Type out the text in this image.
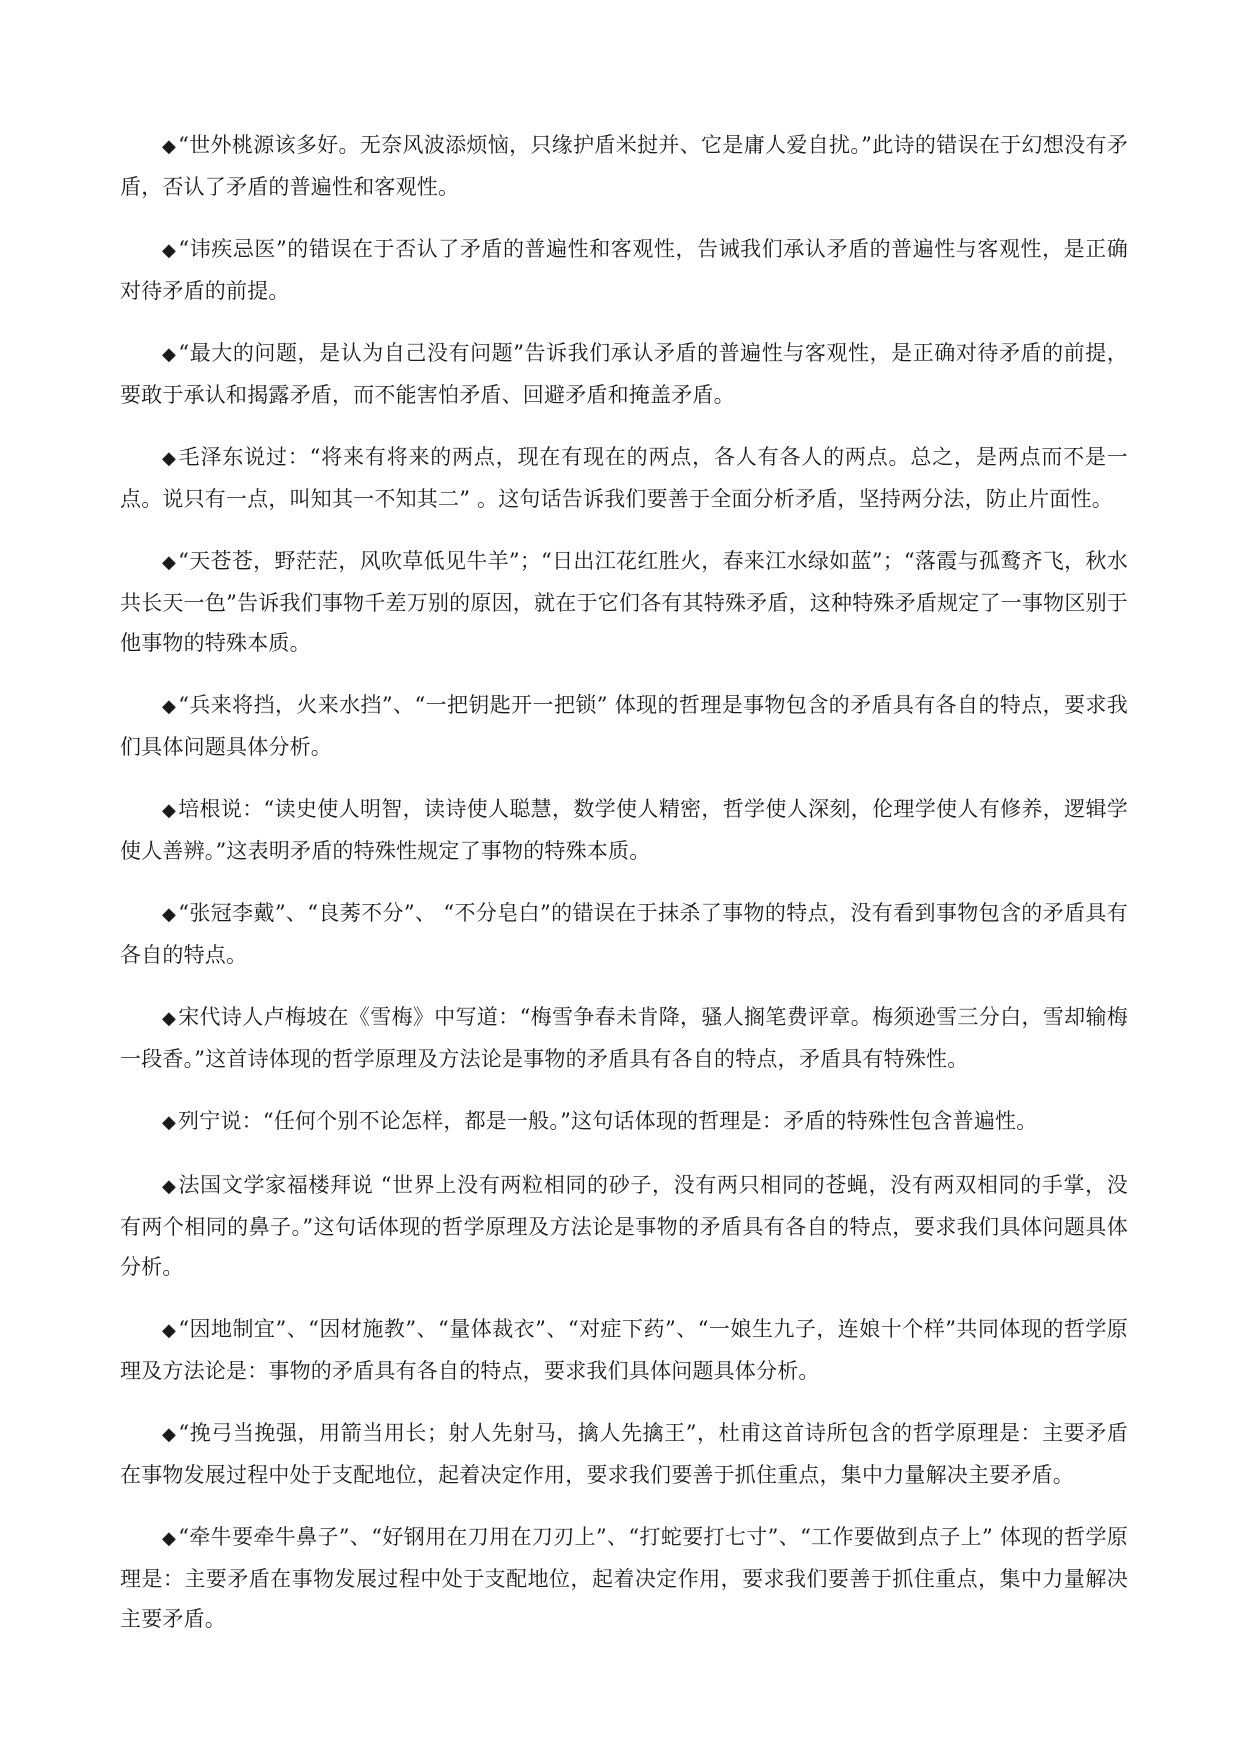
◆“世外桃源该多好。无奈风波添烦恼，只缘护盾米挝并、它是庸人爱自扰。”此诗的错误在于幻想没有矛盾，否认了矛盾的普遍性和客观性。

◆“讳疾忌医”的错误在于否认了矛盾的普遍性和客观性，告诫我们承认矛盾的普遍性与客观性，是正确对待矛盾的前提。

◆“最大的问题，是认为自己没有问题”告诉我们承认矛盾的普遍性与客观性，是正确对待矛盾的前提，要敢于承认和揭露矛盾，而不能害怕矛盾、回避矛盾和掩盖矛盾。

◆毛泽东说过：“将来有将来的两点，现在有现在的两点，各人有各人的两点。总之，是两点而不是一点。说只有一点，叫知其一不知其二” 。这句话告诉我们要善于全面分析矛盾，坚持两分法，防止片面性。

◆“天苍苍，野茫茫，风吹草低见牛羊”；“日出江花红胜火，春来江水绿如蓝”；“落霞与孤鹜齐飞，秋水共长天一色”告诉我们事物千差万别的原因，就在于它们各有其特殊矛盾，这种特殊矛盾规定了一事物区别于他事物的特殊本质。

◆“兵来将挡，火来水挡”、“一把钥匙开一把锁” 体现的哲理是事物包含的矛盾具有各自的特点，要求我们具体问题具体分析。

◆培根说：“读史使人明智，读诗使人聪慧，数学使人精密，哲学使人深刻，伦理学使人有修养，逻辑学使人善辨。”这表明矛盾的特殊性规定了事物的特殊本质。

◆“张冠李戴”、“良莠不分”、 “不分皂白”的错误在于抹杀了事物的特点，没有看到事物包含的矛盾具有各自的特点。

◆宋代诗人卢梅坡在《雪梅》中写道：“梅雪争春未肯降，骚人搁笔费评章。梅须逊雪三分白，雪却输梅一段香。”这首诗体现的哲学原理及方法论是事物的矛盾具有各自的特点，矛盾具有特殊性。

◆列宁说：“任何个别不论怎样，都是一般。”这句话体现的哲理是：矛盾的特殊性包含普遍性。

◆法国文学家福楼拜说 “世界上没有两粒相同的砂子，没有两只相同的苍蝇，没有两双相同的手掌，没有两个相同的鼻子。”这句话体现的哲学原理及方法论是事物的矛盾具有各自的特点，要求我们具体问题具体分析。

◆“因地制宜”、“因材施教”、“量体裁衣”、“对症下药”、“一娘生九子，连娘十个样”共同体现的哲学原理及方法论是：事物的矛盾具有各自的特点，要求我们具体问题具体分析。

◆“挽弓当挽强，用箭当用长；射人先射马，擒人先擒王”，杜甫这首诗所包含的哲学原理是：主要矛盾在事物发展过程中处于支配地位，起着决定作用，要求我们要善于抓住重点，集中力量解决主要矛盾。

◆“牵牛要牵牛鼻子”、“好钢用在刀用在刀刃上”、“打蛇要打七寸”、“工作要做到点子上” 体现的哲学原理是：主要矛盾在事物发展过程中处于支配地位，起着决定作用，要求我们要善于抓住重点，集中力量解决主要矛盾。
